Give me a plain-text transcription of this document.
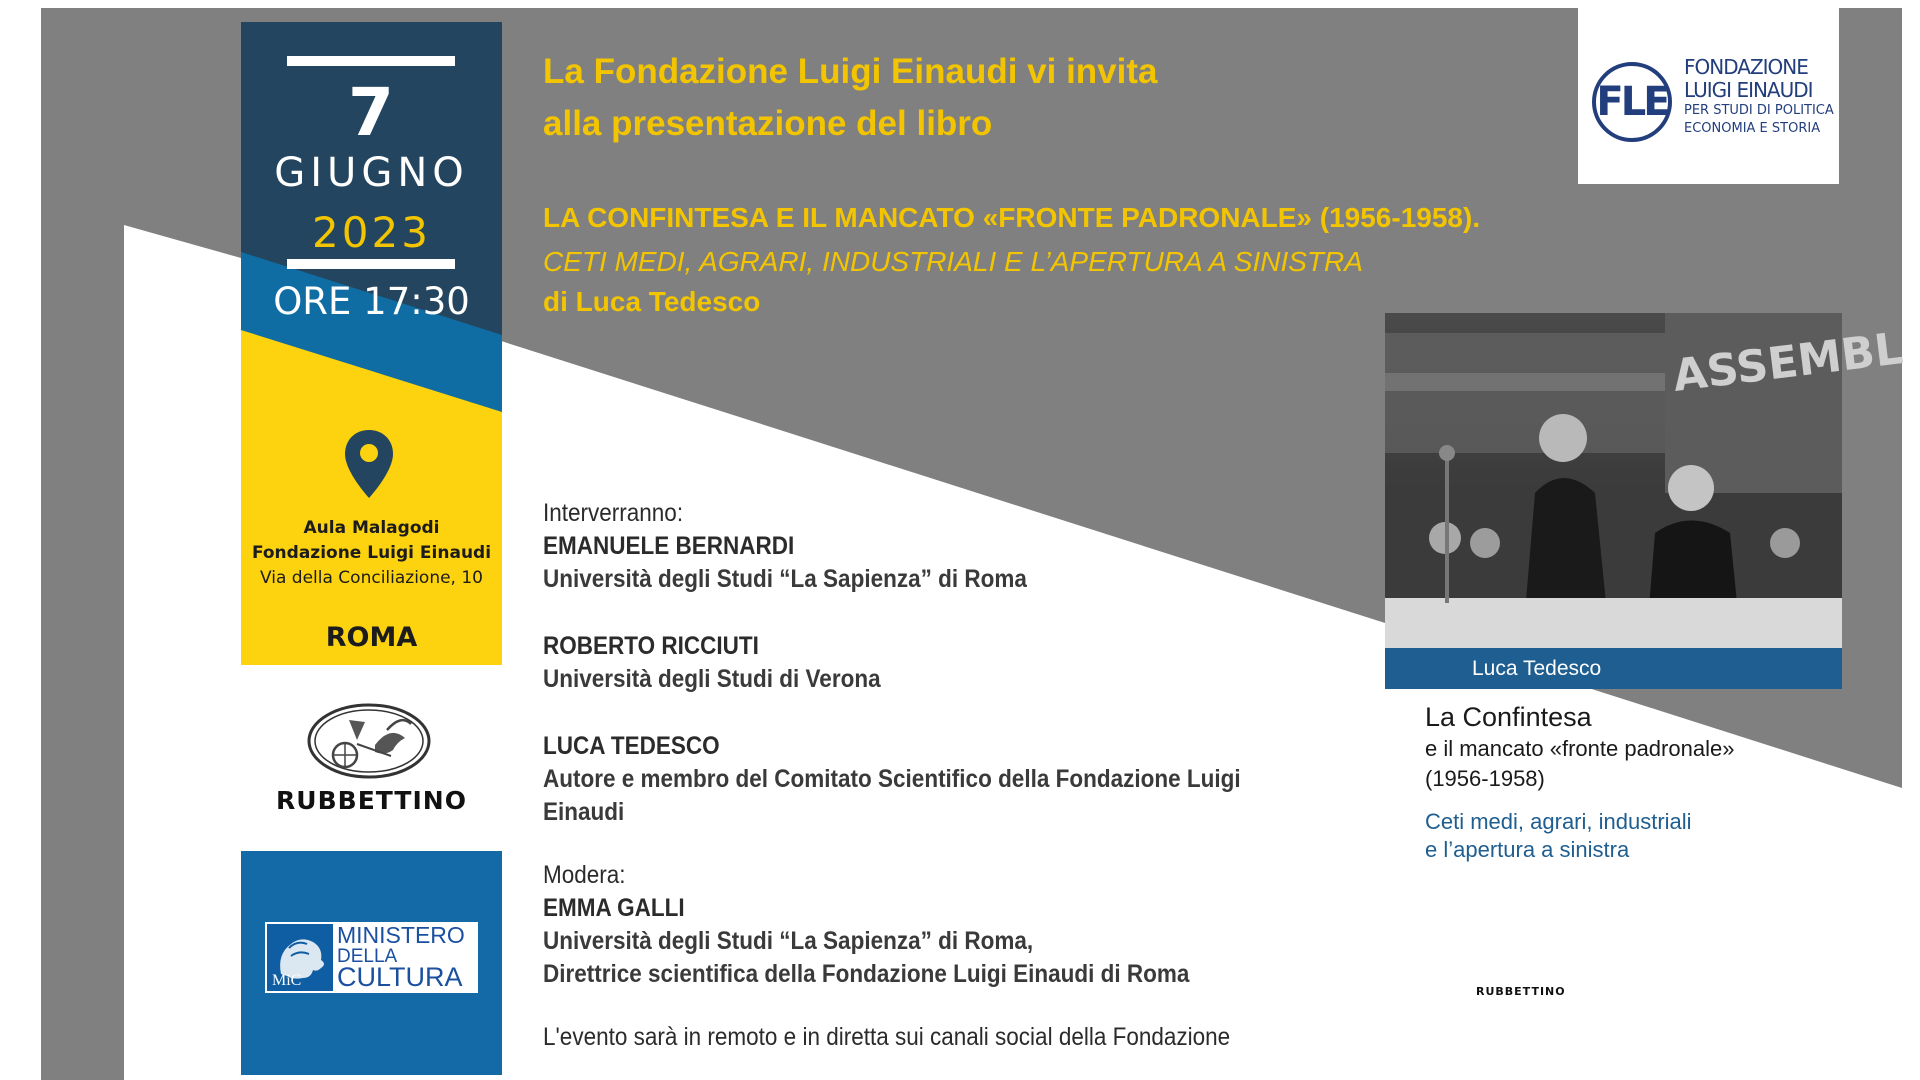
7
GIUGNO
2023
ORE 17:30
Aula Malagodi
Fondazione Luigi Einaudi
Via della Conciliazione, 10
ROMA
RUBBETTINO
MiC
MINISTERO
DELLA
CULTURA
La Fondazione Luigi Einaudi vi invita
alla presentazione del libro
LA CONFINTESA E IL MANCATO «FRONTE PADRONALE» (1956-1958).
CETI MEDI, AGRARI, INDUSTRIALI E L’APERTURA A SINISTRA
di Luca Tedesco
Interverranno:
EMANUELE BERNARDI
Università degli Studi “La Sapienza” di Roma
ROBERTO RICCIUTI
Università degli Studi di Verona
LUCA TEDESCO
Autore e membro del Comitato Scientifico della Fondazione Luigi Einaudi
Modera:
EMMA GALLI
Università degli Studi “La Sapienza” di Roma,
Direttrice scientifica della Fondazione Luigi Einaudi di Roma
L'evento sarà in remoto e in diretta sui canali social della Fondazione
FLE
FONDAZIONE
LUIGI EINAUDI
PER STUDI DI POLITICA
ECONOMIA E STORIA
ASSEMBL
Luca Tedesco
La Confintesa
e il mancato «fronte padronale»
(1956-1958)
Ceti medi, agrari, industriali
e l’apertura a sinistra
RUBBETTINO
